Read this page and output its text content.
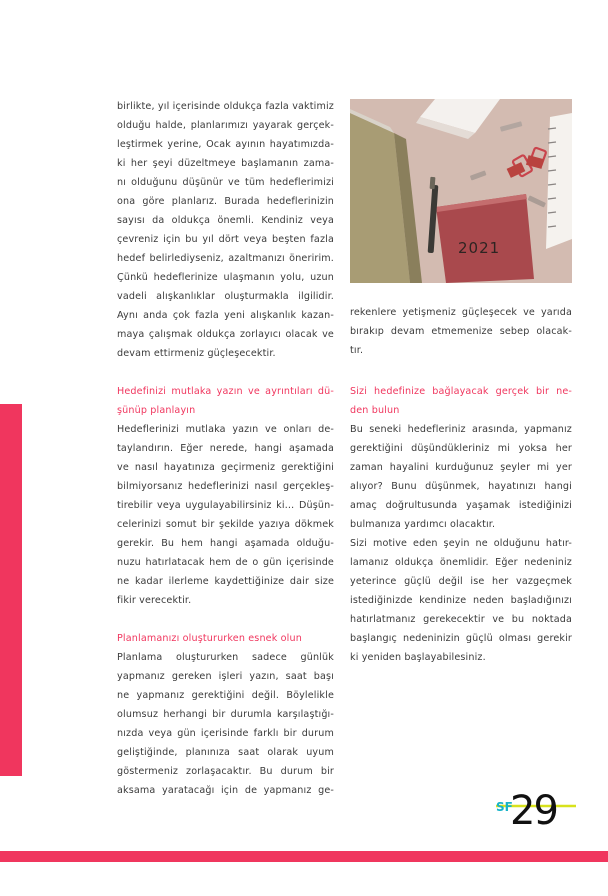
birlikte, yıl içerisinde oldukça fazla vaktimiz

olduğu halde, planlarımızı yayarak gerçek-

leştirmek yerine, Ocak ayının hayatımızda-

ki her şeyi düzeltmeye başlamanın zama-

nı olduğunu düşünür ve tüm hedeflerimizi

ona göre planlarız. Burada hedeflerinizin

sayısı da oldukça önemli. Kendiniz veya

çevreniz için bu yıl dört veya beşten fazla

hedef belirlediyseniz, azaltmanızı öneririm.

Çünkü hedeflerinize ulaşmanın yolu, uzun

vadeli alışkanlıklar oluşturmakla ilgilidir.

Aynı anda çok fazla yeni alışkanlık kazan-

maya çalışmak oldukça zorlayıcı olacak ve

devam ettirmeniz güçleşecektir.

Hedefinizi mutlaka yazın ve ayrıntıları dü-

şünüp planlayın

Hedeflerinizi mutlaka yazın ve onları de-

taylandırın. Eğer nerede, hangi aşamada

ve nasıl hayatınıza geçirmeniz gerektiğini

bilmiyorsanız hedeflerinizi nasıl gerçekleş-

tirebilir veya uygulayabilirsiniz ki… Düşün-

celerinizi somut bir şekilde yazıya dökmek

gerekir. Bu hem hangi aşamada olduğu-

nuzu hatırlatacak hem de o gün içerisinde

ne kadar ilerleme kaydettiğinize dair size

fikir verecektir.

Planlamanızı oluştururken esnek olun

Planlama oluştururken sadece günlük

yapmanız gereken işleri yazın, saat başı

ne yapmanız gerektiğini değil. Böylelikle

olumsuz herhangi bir durumla karşılaştığı-

nızda veya gün içerisinde farklı bir durum

geliştiğinde, planınıza saat olarak uyum

göstermeniz zorlaşacaktır. Bu durum bir

aksama yaratacağı için de yapmanız ge-

2021

rekenlere yetişmeniz güçleşecek ve yarıda

bırakıp devam etmemenize sebep olacak-

tır.

Sizi hedefinize bağlayacak gerçek bir ne-

den bulun

Bu seneki hedefleriniz arasında, yapmanız

gerektiğini düşündükleriniz mi yoksa her

zaman hayalini kurduğunuz şeyler mi yer

alıyor? Bunu düşünmek, hayatınızı hangi

amaç doğrultusunda yaşamak istediğinizi

bulmanıza yardımcı olacaktır.

Sizi motive eden şeyin ne olduğunu hatır-

lamanız oldukça önemlidir. Eğer nedeniniz

yeterince güçlü değil ise her vazgeçmek

istediğinizde kendinize neden başladığınızı

hatırlatmanız gerekecektir ve bu noktada

başlangıç nedeninizin güçlü olması gerekir

ki yeniden başlayabilesiniz.

SF
29
